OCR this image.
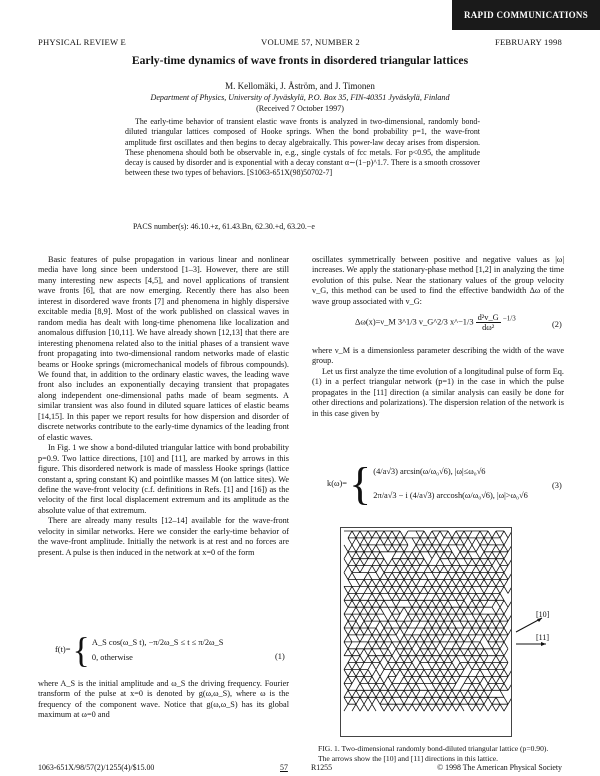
RAPID COMMUNICATIONS
PHYSICAL REVIEW E	VOLUME 57, NUMBER 2	FEBRUARY 1998
Early-time dynamics of wave fronts in disordered triangular lattices
M. Kellomäki, J. Åström, and J. Timonen
Department of Physics, University of Jyväskylä, P.O. Box 35, FIN-40351 Jyväskylä, Finland
(Received 7 October 1997)
The early-time behavior of transient elastic wave fronts is analyzed in two-dimensional, randomly bond-diluted triangular lattices composed of Hooke springs. When the bond probability p=1, the wave-front amplitude first oscillates and then begins to decay algebraically. This power-law decay arises from dispersion. These phenomena should both be observable in, e.g., single cystals of fcc metals. For p<0.95, the amplitude decay is caused by disorder and is exponential with a decay constant α∼(1−p)^1.7. There is a smooth crossover between these two types of behaviors. [S1063-651X(98)50702-7]
PACS number(s): 46.10.+z, 61.43.Bn, 62.30.+d, 63.20.−e

Basic features of pulse propagation in various linear and nonlinear media have long since been understood [1–3]. However, there are still many interesting new aspects [4,5], and novel applications of transient wave fronts [6], that are now emerging. Recently there has also been interest in disordered wave fronts [7] and phenomena in highly dispersive excitable media [8,9]. Most of the work published on classical waves in random media has dealt with long-time phenomena like localization and anomalous diffusion [10,11]. We have already shown [12,13] that there are interesting phenomena related also to the initial phases of a transient wave front propagating into two-dimensional random networks made of elastic beams or Hooke springs (micromechanical models of fibrous compounds). We found that, in addition to the ordinary elastic waves, the leading wave front also includes an exponentially decaying transient that propagates along independent one-dimensional paths made of beam segments. A similar transient was also found in diluted square lattices of elastic beams [14,15]. In this paper we report results for how dispersion and disorder of discrete networks contribute to the early-time dynamics of the leading front of elastic waves.

In Fig. 1 we show a bond-diluted triangular lattice with bond probability p=0.9. Two lattice directions, [10] and [11], are marked by arrows in this figure. This disordered network is made of massless Hooke springs (lattice constant a, spring constant K) and pointlike masses M (on lattice sites). We define the wave-front velocity (c.f. definitions in Refs. [1] and [16]) as the velocity of the first local displacement extremum and its amplitude as the absolute value of that extremum.

There are already many results [12–14] available for the wave-front velocity in similar networks. Here we consider the early-time behavior of the wave-front amplitude. Initially the network is at rest and no forces are present. A pulse is then induced in the network at x=0 of the form

f(t)= { A_S cos(ω_S t), −π/2ω_S ≤ t ≤ π/2ω_S
0, otherwise	(1)

where A_S is the initial amplitude and ω_S the driving frequency. Fourier transform of the pulse at x=0 is denoted by g(ω,ω_S), where ω is the frequency of the component wave. Notice that g(ω,ω_S) has its global maximum at ω=0 and

oscillates symmetrically between positive and negative values as |ω| increases. We apply the stationary-phase method [1,2] in analyzing the time evolution of this pulse. Near the stationary values of the group velocity v_G, this method can be used to find the effective bandwidth Δω of the wave group associated with v_G:

Δω(x)=ν_M 3^1/3 v_G^2/3 x^−1/3 $\frac{\text{d²v\_G}}{\text{dω²}} ^{-1/3}$
(2)

where ν_M is a dimensionless parameter describing the width of the wave group.

Let us first analyze the time evolution of a longitudinal pulse of form Eq. (1) in a perfect triangular network (p=1) in the case in which the pulse propagates in the [11] direction (a similar analysis can easily be done for other directions and polarizations). The dispersion relation of the network is in this case given by

k(ω)= { (4/a√3) arcsin(ω/ω₀√6), |ω|≤ω₀√6
2π/a√3 − i (4/a√3) arccosh(ω/ω₀√6), |ω|>ω₀√6
(3)
[10]
[11]
FIG. 1. Two-dimensional randomly bond-diluted triangular lattice (p=0.90). The arrows show the [10] and [11] directions in this lattice.
1063-651X/98/57(2)/1255(4)/$15.00	57	R1255	© 1998 The American Physical Society
